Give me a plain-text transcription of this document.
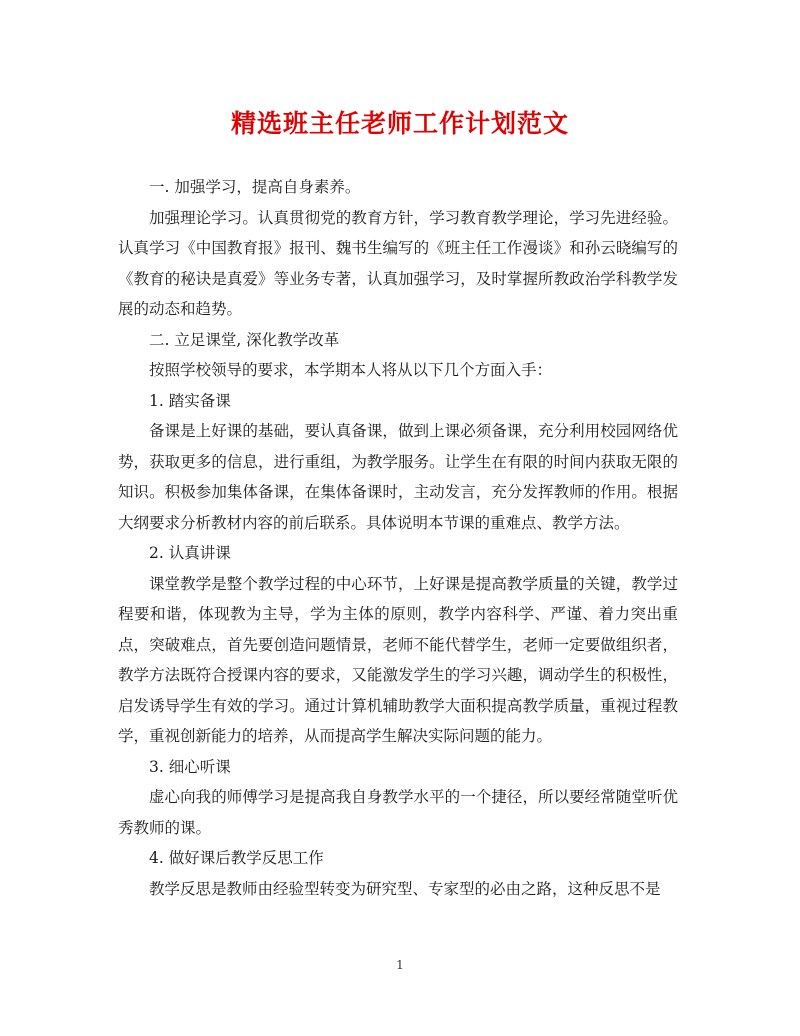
精选班主任老师工作计划范文

一. 加强学习，提高自身素养。

加强理论学习。认真贯彻党的教育方针，学习教育教学理论，学习先进经验。认真学习《中国教育报》报刊、魏书生编写的《班主任工作漫谈》和孙云晓编写的《教育的秘诀是真爱》等业务专著，认真加强学习，及时掌握所教政治学科教学发展的动态和趋势。

二. 立足课堂, 深化教学改革

按照学校领导的要求，本学期本人将从以下几个方面入手：

1. 踏实备课

备课是上好课的基础，要认真备课，做到上课必须备课，充分利用校园网络优势，获取更多的信息，进行重组，为教学服务。让学生在有限的时间内获取无限的知识。积极参加集体备课，在集体备课时，主动发言，充分发挥教师的作用。根据大纲要求分析教材内容的前后联系。具体说明本节课的重难点、教学方法。

2. 认真讲课

课堂教学是整个教学过程的中心环节，上好课是提高教学质量的关键，教学过程要和谐，体现教为主导，学为主体的原则，教学内容科学、严谨、着力突出重点，突破难点，首先要创造问题情景，老师不能代替学生，老师一定要做组织者，教学方法既符合授课内容的要求，又能激发学生的学习兴趣，调动学生的积极性，启发诱导学生有效的学习。通过计算机辅助教学大面积提高教学质量，重视过程教学，重视创新能力的培养，从而提高学生解决实际问题的能力。

3. 细心听课

虚心向我的师傅学习是提高我自身教学水平的一个捷径，所以要经常随堂听优秀教师的课。

4. 做好课后教学反思工作

教学反思是教师由经验型转变为研究型、专家型的必由之路，这种反思不是

1
